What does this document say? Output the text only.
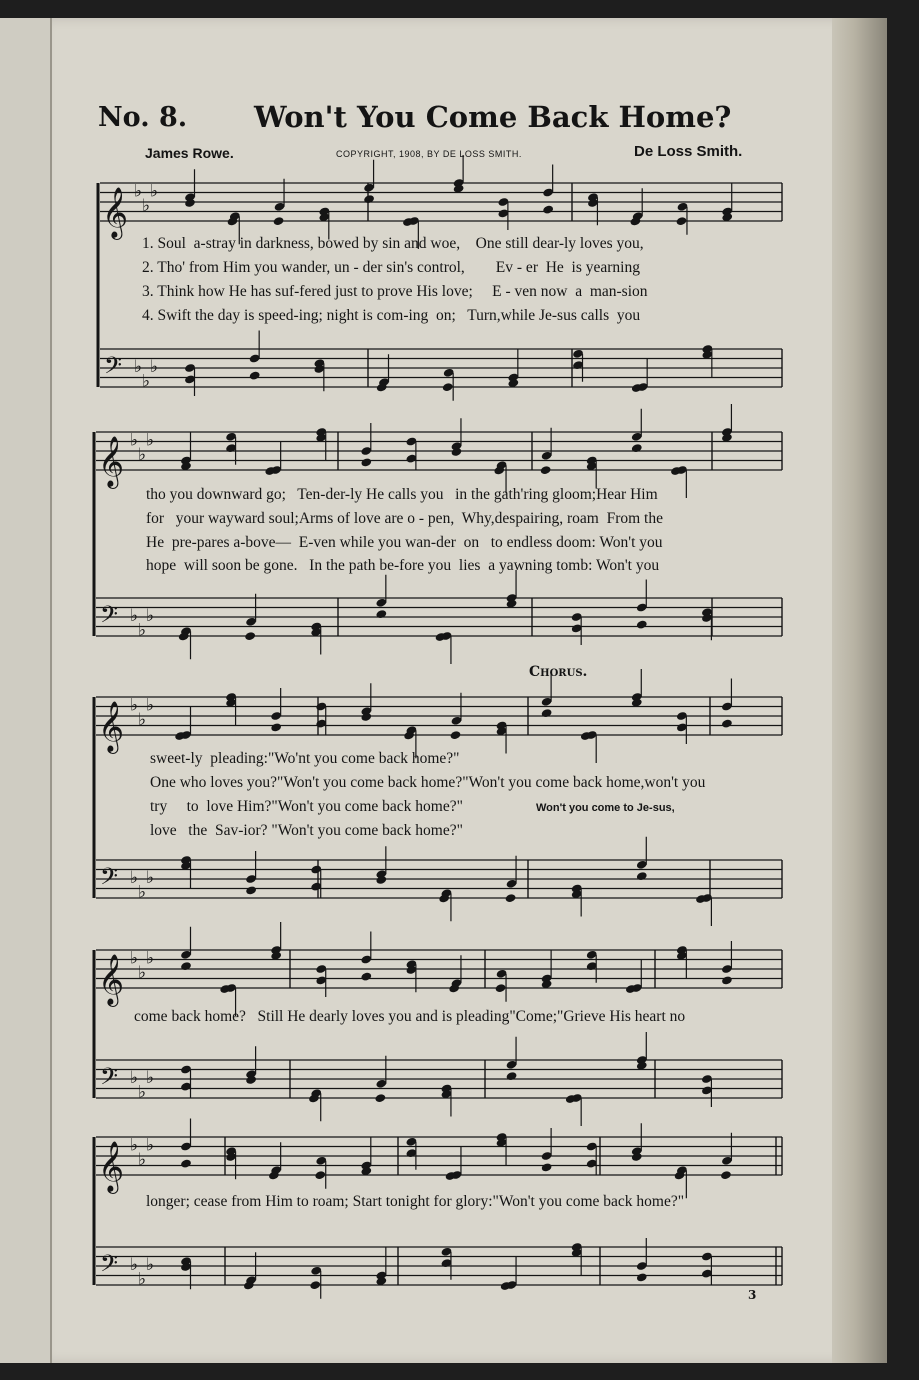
No. 8. Won't You Come Back Home?
James Rowe.	COPYRIGHT, 1908, BY DE LOSS SMITH.	De Loss Smith.
𝄞
𝄢
♭
♭
♭
♭
♭
♭
𝄞
𝄢
♭
♭
♭
♭
♭
♭
𝄞
𝄢
♭
♭
♭
♭
♭
♭
𝄞
𝄢
♭
♭
♭
♭
♭
♭
𝄞
𝄢
♭
♭
♭
♭
♭
♭
1. Soul  a-stray in darkness, bowed by sin and woe,    One still dear-ly loves you,
2. Tho' from Him you wander, un - der sin's control,        Ev - er  He  is yearning
3. Think how He has suf-fered just to prove His love;     E - ven now  a  man-sion
4. Swift the day is speed-ing; night is com-ing  on;   Turn,while Je-sus calls  you
tho you downward go;   Ten-der-ly He calls you   in the gath'ring gloom;Hear Him
for   your wayward soul;Arms of love are o - pen,  Why,despairing, roam  From the
He  pre-pares a-bove—  E-ven while you wan-der  on   to endless doom: Won't you
hope  will soon be gone.   In the path be-fore you  lies  a yawning tomb: Won't you
Chorus.
sweet-ly  pleading:"Wo'nt you come back home?"
One who loves you?"Won't you come back home?"Won't you come back home,won't you
try     to  love Him?"Won't you come back home?"	Won't you come to Je-sus,
love   the  Sav-ior? "Won't you come back home?"
come back home?   Still He dearly loves you and is pleading"Come;"Grieve His heart no
longer; cease from Him to roam; Start tonight for glory:"Won't you come back home?"
3
